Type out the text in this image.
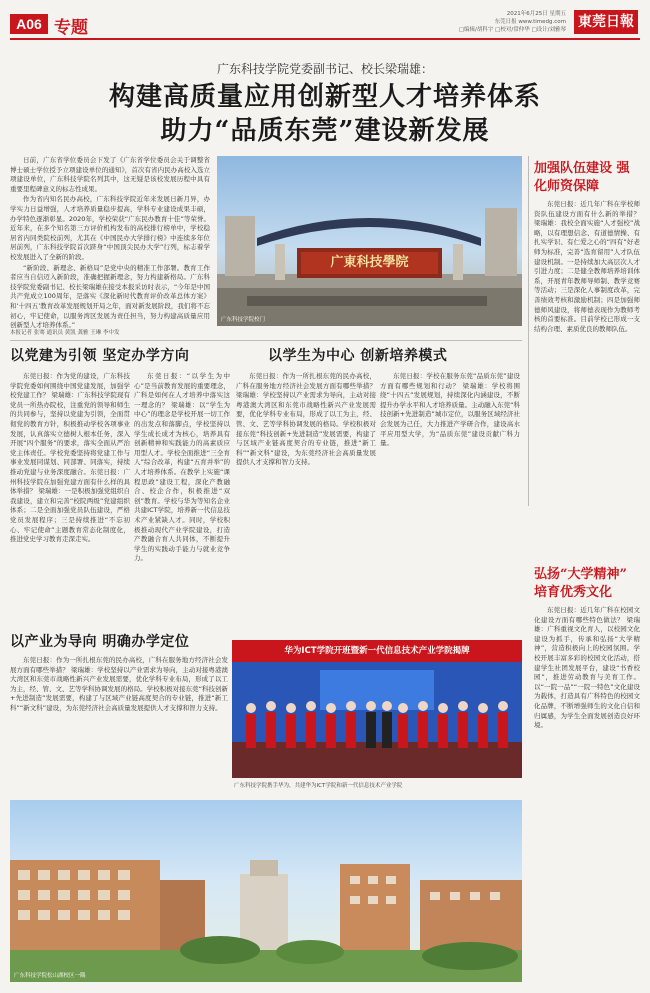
A06 专题
2021年6月25日 星期五
东莞日报 www.timedg.com
□编辑/胡科宇 □校对/常仲华 □设计/刘雅琴 東莞日報
广东科技学院党委副书记、校长梁瑞雄：
构建高质量应用创新型人才培养体系
助力“品质东莞”建设新发展

日前，广东省学位委员会下发了《广东省学位委员会关于调整省博士硕士学位授予立项建设单位的通知》，首次有省内民办高校入选立项建设单位，广东科技学院名列其中，这无疑是该校发展历程中具有重要里程碑意义的标志性成果。

作为省内知名民办高校，广东科技学院近年来发展日新月异，办学实力日益增强，人才培养质量稳步提高，学科专业建设成果丰硕，办学特色逐渐彰显。2020年，学校荣获“广东民办教育十佳”等荣誉。近年来，在多个知名第三方评价机构发布的高校排行榜单中，学校稳居省内同类院校前列，尤其在《中国民办大学排行榜》中连续多年位居前列，广东科技学院首次跻身“中国顶尖民办大学”行列，标志着学校发展进入了全新的阶段。

“新阶段、新理念、新格局”是党中央的精准工作部署。教育工作者应当自信迈入新阶段，准确把握新理念，努力构建新格局。广东科技学院党委副书记、校长梁瑞雄在接受本报采访时表示，“今年是中国共产党成立100周年，是落实《深化新时代教育评价改革总体方案》和‘十四五’教育改革发展规划开局之年，面对新发展阶段，我们将不忘初心，牢记使命，以服务湾区发展为责任担当，努力构建高质量应用创新型人才培养体系。”

本报记者 张骞 通讯员 黄凯 龚雅 王琳 李中发
广東科技學院
广东科技学院校门
加强队伍建设 强化师资保障

东莞日报：近几年广科在学校师资队伍建设方面有什么新的举措？ 梁瑞雄：我校全面实施“人才强校”战略，以有理想信念、有道德情操、有扎实学识、有仁爱之心的“四有”好老师为标准，完善“选育留用”人才队伍建设机制。一是持续加大高层次人才引进力度；二是健全教师培养培训体系，开展青年教师导师制、教学竞赛等活动；三是深化人事制度改革，完善绩效考核和激励机制；四是加强师德师风建设，将师德表现作为教师考核的首要标准。目前学校已形成一支结构合理、素质优良的教师队伍。

以党建为引领 坚定办学方向	以学生为中心 创新培养模式

东莞日报：作为党的建设，广东科技学院党委如何围绕中国党建发展，加强学校党建工作？ 梁瑞雄：广东科技学院现有党员一所热办院校，注重党的领导和师生的共同参与，坚持以党建为引领，全面贯彻党的教育方针，积极推动学校各项事业发展，认真落实立德树人根本任务，深入开展“四个服务”的要求，落实全面从严治党主体责任。学校党委坚持将党建工作与事业发展同谋划、同部署、同落实，持续推动党建与业务深度融合。东莞日报：广州科技学院在加强党建方面有什么样的具体举措？ 梁瑞雄：一是积极加强党组织自我建设，建立和完善“校院两级”党建组织体系；二是全面加强党员队伍建设，严格党员发展程序；三是持续推进“不忘初心、牢记使命”主题教育常态化制度化，推进党史学习教育走深走实。

东莞日报：“以学生为中心”是当前教育发展的重要理念，广科是如何在人才培养中落实这一理念的？ 梁瑞雄：以“学生为中心”的理念是学校开展一切工作的出发点和落脚点，学校坚持以学生成长成才为核心，培养具有创新精神和实践能力的高素质应用型人才。学校全面推进“三全育人”综合改革，构建“五育并举”的人才培养体系。在教学上实施“课程思政”建设工程，深化产教融合、校企合作，积极推进“双创”教育。学校与华为等知名企业共建ICT学院，培养新一代信息技术产业紧缺人才。同时，学校积极推动现代产业学院建设，打造产教融合育人共同体，不断提升学生的实践动手能力与就业竞争力。

东莞日报：作为一所扎根东莞的民办高校，广科在服务地方经济社会发展方面有哪些举措？ 梁瑞雄：学校坚持以产业需求为导向，主动对接粤港澳大湾区和东莞市战略性新兴产业发展需要，优化学科专业布局，形成了以工为主，经、管、文、艺等学科协调发展的格局。学校积极对接东莞“科技创新+先进制造”发展需要，构建了与区域产业链高度契合的专业链，推进“新工科”“新文科”建设，为东莞经济社会高质量发展提供人才支撑和智力支持。

东莞日报：学校在服务东莞“品质东莞”建设方面有哪些规划和行动？ 梁瑞雄：学校将围绕“十四五”发展规划，持续深化内涵建设，不断提升办学水平和人才培养质量。主动融入东莞“科技创新+先进制造”城市定位，以服务区域经济社会发展为己任，大力推进产学研合作，建设高水平应用型大学，为“品质东莞”建设贡献广科力量。

以产业为导向 明确办学定位

东莞日报：作为一所扎根东莞的民办高校，广科在服务地方经济社会发展方面有哪些举措？ 梁瑞雄：学校坚持以产业需求为导向，主动对接粤港澳大湾区和东莞市战略性新兴产业发展需要，优化学科专业布局，形成了以工为主，经、管、文、艺等学科协调发展的格局。学校积极对接东莞“科技创新+先进制造”发展需要，构建了与区域产业链高度契合的专业链，推进“新工科”“新文科”建设，为东莞经济社会高质量发展提供人才支撑和智力支持。

华为ICT学院开班暨新一代信息技术产业学院揭牌
广东科技学院携手华为，共建华为ICT学院和新一代信息技术产业学院
弘扬“大学精神” 培育优秀文化

东莞日报：近几年广科在校园文化建设方面有哪些特色做法？ 梁瑞雄：广科重视文化育人，以校园文化建设为抓手，传承和弘扬“大学精神”，营造积极向上的校园氛围。学校开展丰富多彩的校园文化活动，搭建学生社团发展平台，建设“书香校园”，推进劳动教育与美育工作。以“一院一品”“一院一特色”文化建设为载体，打造具有广科特色的校园文化品牌，不断增强师生的文化自信和归属感，为学生全面发展创造良好环境。

广东科技学院松山湖校区一隅
